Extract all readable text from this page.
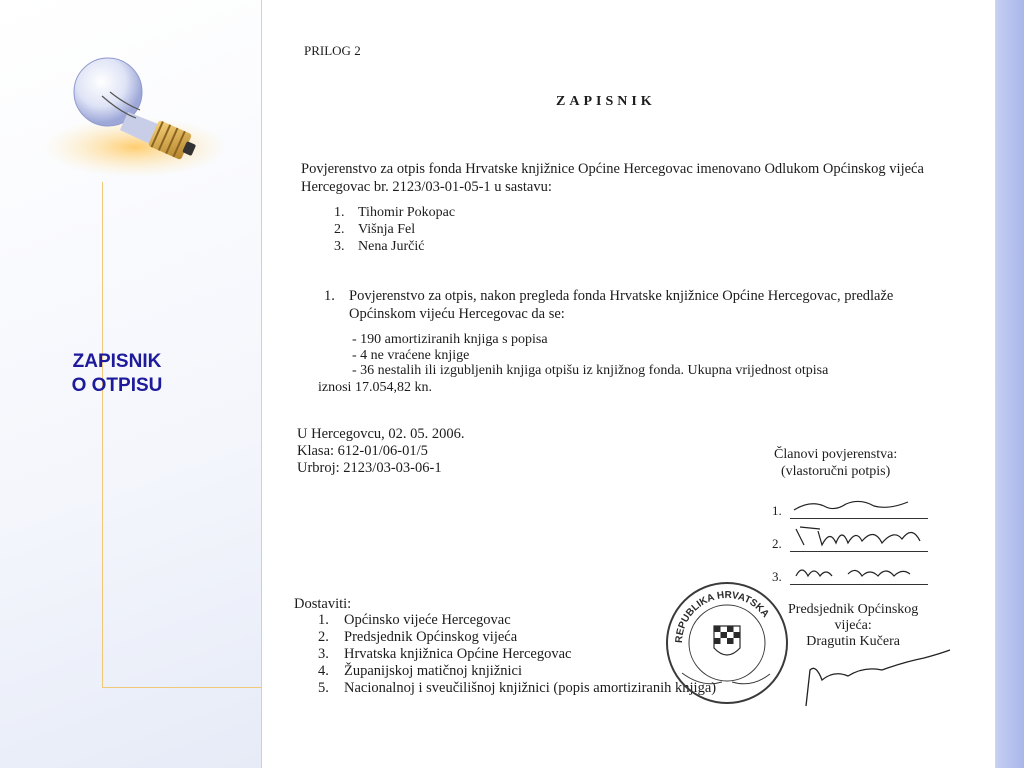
ZAPISNIK
O OTPISU
PRILOG 2
ZAPISNIK
Povjerenstvo za otpis fonda Hrvatske knjižnice Općine Hercegovac imenovano Odlukom Općinskog vijeća Hercegovac br. 2123/03-01-05-1 u sastavu:
1. Tihomir Pokopac
2. Višnja Fel
3. Nena Jurčić
1. Povjerenstvo za otpis, nakon pregleda fonda Hrvatske knjižnice Općine Hercegovac, predlaže Općinskom vijeću Hercegovac da se:
- 190 amortiziranih knjiga s popisa
- 4 ne vraćene knjige
- 36 nestalih ili izgubljenih knjiga otpišu iz knjižnog fonda. Ukupna vrijednost otpisa
iznosi 17.054,82 kn.
U Hercegovcu, 02. 05. 2006.
Klasa: 612-01/06-01/5
Urbroj: 2123/03-03-06-1
Članovi povjerenstva:
(vlastoručni potpis)
1.
2.
3.
Dostaviti:
1.	Općinsko vijeće Hercegovac
2.	Predsjednik Općinskog vijeća
3.	Hrvatska knjižnica Općine Hercegovac
4.	Županijskoj matičnoj knjižnici
5.	Nacionalnoj i sveučilišnoj knjižnici (popis amortiziranih knjiga)
REPUBLIKA HRVATSKA Predsjednik Općinskog
vijeća:
Dragutin Kučera
